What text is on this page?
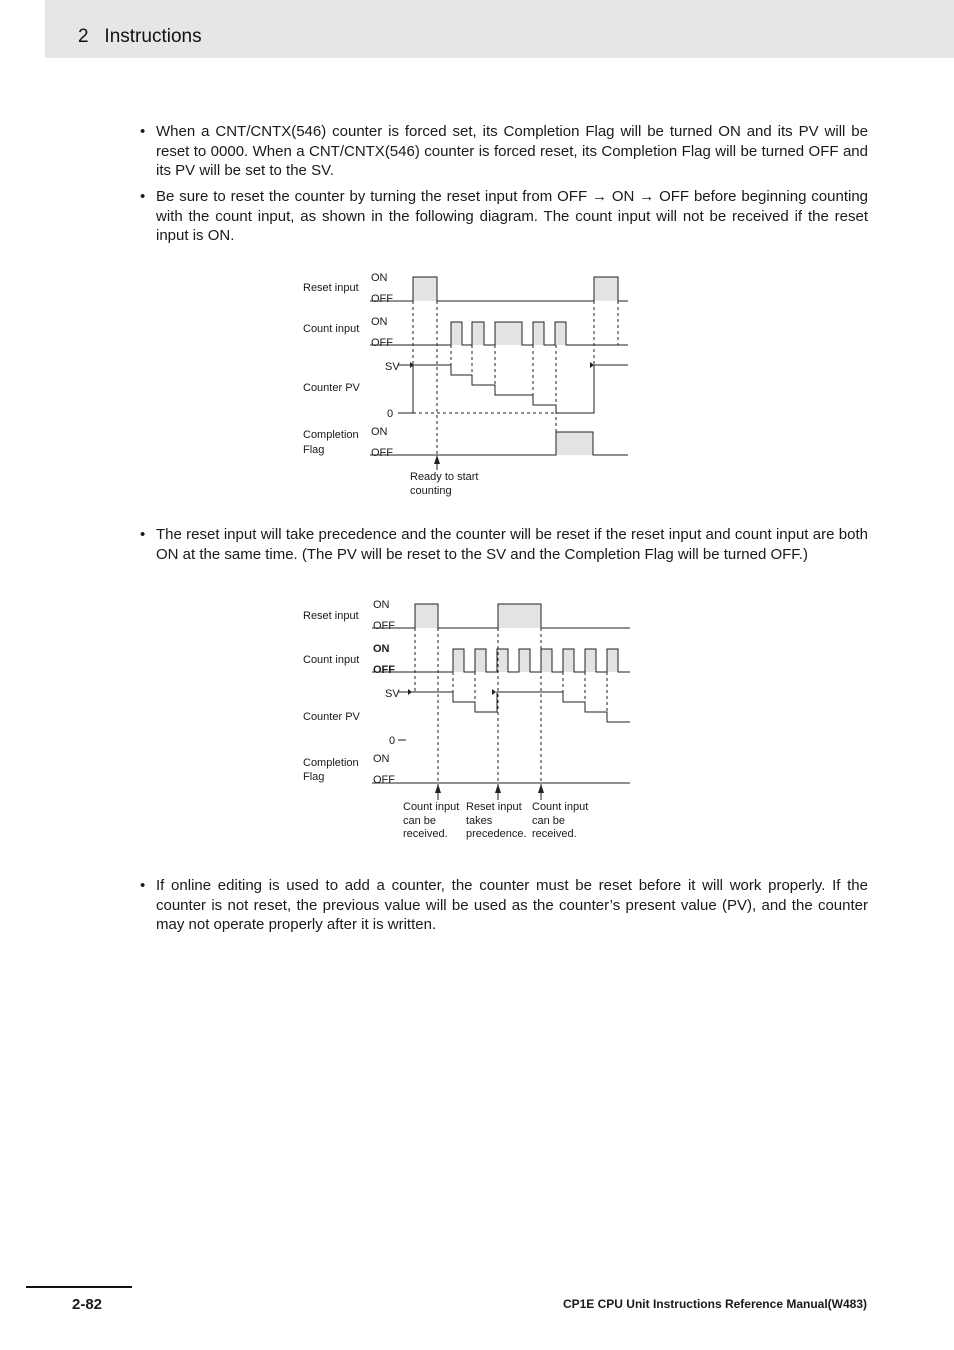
2 Instructions
• When a CNT/CNTX(546) counter is forced set, its Completion Flag will be turned ON and its PV will be reset to 0000. When a CNT/CNTX(546) counter is forced reset, its Completion Flag will be turned OFF and its PV will be set to the SV.
• Be sure to reset the counter by turning the reset input from OFF → ON → OFF before beginning counting with the count input, as shown in the following diagram. The count input will not be received if the reset input is ON.
Reset input
Count input
Counter PV
Completion
Flag
ON
OFF
ON
OFF
SV
0
ON
OFF
Ready to start
counting
• The reset input will take precedence and the counter will be reset if the reset input and count input are both ON at the same time. (The PV will be reset to the SV and the Completion Flag will be turned OFF.)
Reset input
Count input
Counter PV
Completion
Flag
ON
OFF
ON
OFF
SV
0
ON
OFF
Count input
can be
received.
Reset input
takes
precedence.
Count input
can be
received.
• If online editing is used to add a counter, the counter must be reset before it will work properly. If the counter is not reset, the previous value will be used as the counter’s present value (PV), and the counter may not operate properly after it is written.
2-82	CP1E CPU Unit Instructions Reference Manual(W483)
